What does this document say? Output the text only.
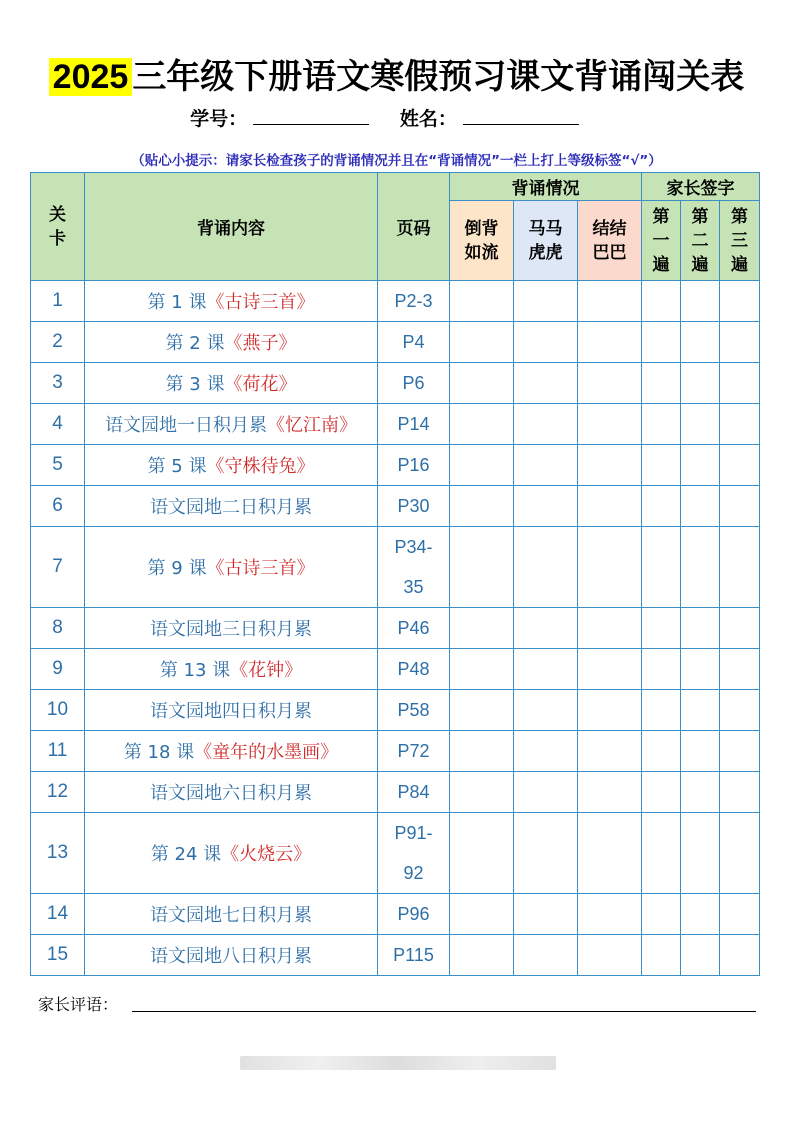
2025 三年级下册语文寒假预习课文背诵闯关表
学号：	姓名：
（贴心小提示：请家长检查孩子的背诵情况并且在“背诵情况”一栏上打上等级标签“√”）
关
卡	背诵内容	页码	背诵情况			家长签字		
			倒背
如流	马马
虎虎	结结
巴巴	第
一
遍	第
二
遍	第
三
遍
1	第 1 课《古诗三首》	P2-3						
2	第 2 课《燕子》	P4						
3	第 3 课《荷花》	P6						
4	语文园地一日积月累《忆江南》	P14						
5	第 5 课《守株待兔》	P16						
6	语文园地二日积月累	P30						
7	第 9 课《古诗三首》	P34-
35						
8	语文园地三日积月累	P46						
9	第 13 课《花钟》	P48						
10	语文园地四日积月累	P58						
11	第 18 课《童年的水墨画》	P72						
12	语文园地六日积月累	P84						
13	第 24 课《火烧云》	P91-
92						
14	语文园地七日积月累	P96						
15	语文园地八日积月累	P115						
家长评语：
